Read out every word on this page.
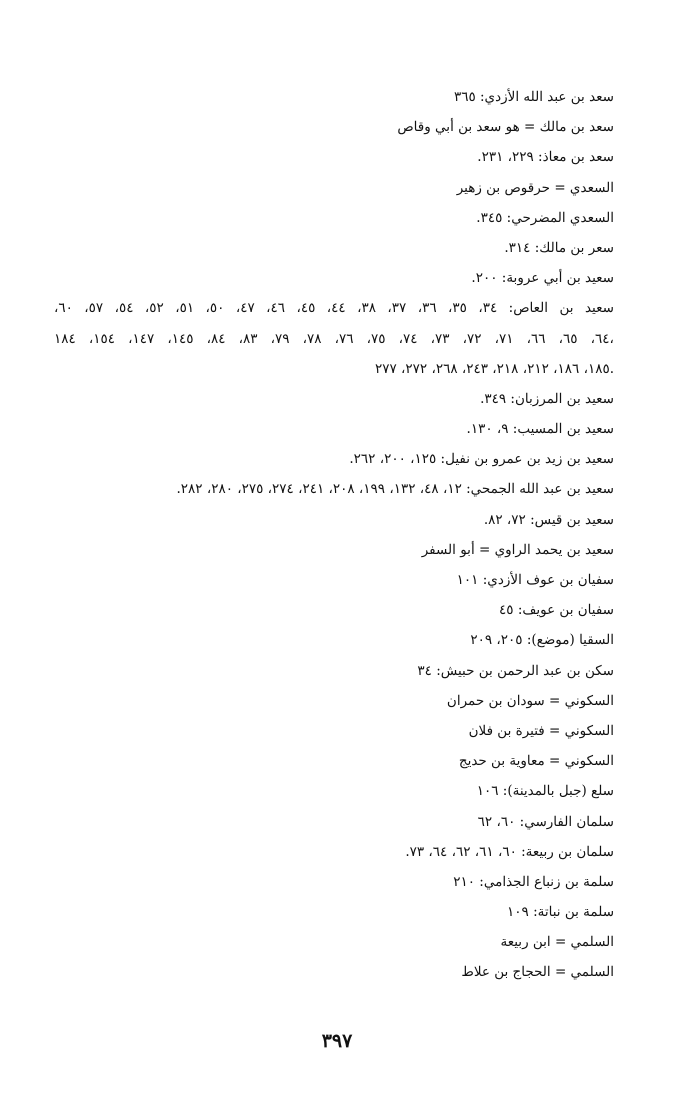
سعد بن عبد الله الأزدي: ٣٦٥
سعد بن مالك = هو سعد بن أبي وقاص
سعد بن معاذ: ٢٢٩، ٢٣١.
السعدي = حرقوص بن زهير
السعدي المضرحي: ٣٤٥.
سعر بن مالك: ٣١٤.
سعيد بن أبي عروبة: ٢٠٠.
سعيد بن العاص: ٣٤، ٣٥، ٣٦، ٣٧، ٣٨، ٤٤، ٤٥، ٤٦، ٤٧، ٥٠، ٥١، ٥٢، ٥٤، ٥٧، ٦٠،
٦٤، ٦٥، ٦٦، ٧١، ٧٢، ٧٣، ٧٤، ٧٥، ٧٦، ٧٨، ٧٩، ٨٣، ٨٤، ١٤٥، ١٤٧، ١٥٤، ١٨٤،
١٨٥، ١٨٦، ٢١٢، ٢١٨، ٢٤٣، ٢٦٨، ٢٧٢، ٢٧٧.
سعيد بن المرزبان: ٣٤٩.
سعيد بن المسيب: ٩، ١٣٠.
سعيد بن زيد بن عمرو بن نفيل: ١٢٥، ٢٠٠، ٢٦٢.
سعيد بن عبد الله الجمحي: ١٢، ٤٨، ١٣٢، ١٩٩، ٢٠٨، ٢٤١، ٢٧٤، ٢٧٥، ٢٨٠، ٢٨٢.
سعيد بن قيس: ٧٢، ٨٢.
سعيد بن يحمد الراوي = أبو السفر
سفيان بن عوف الأزدي: ١٠١
سفيان بن عويف: ٤٥
السقيا (موضع): ٢٠٥، ٢٠٩
سكن بن عبد الرحمن بن حبيش: ٣٤
السكوني = سودان بن حمران
السكوني = فتيرة بن فلان
السكوني = معاوية بن حديج
سلع (جبل بالمدينة): ١٠٦
سلمان الفارسي: ٦٠، ٦٢
سلمان بن ربيعة: ٦٠، ٦١، ٦٢، ٦٤، ٧٣.
سلمة بن زنباع الجذامي: ٢١٠
سلمة بن نباتة: ١٠٩
السلمي = ابن ربيعة
السلمي = الحجاج بن علاط
٣٩٧
